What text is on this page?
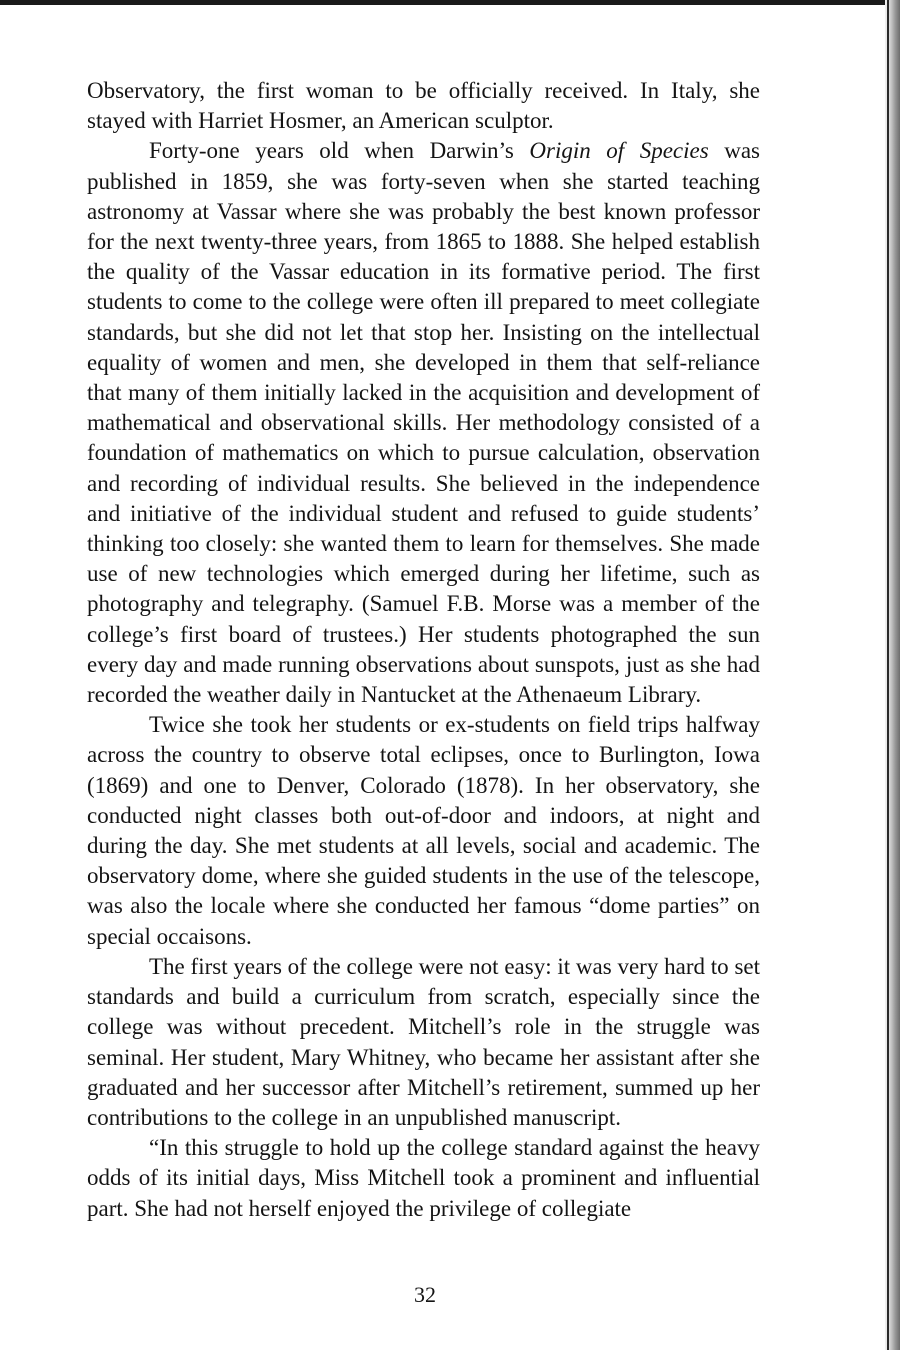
Observatory, the first woman to be officially received. In Italy, she stayed with Harriet Hosmer, an American sculptor.

Forty-one years old when Darwin’s Origin of Species was published in 1859, she was forty-seven when she started teaching astronomy at Vassar where she was probably the best known professor for the next twenty-three years, from 1865 to 1888. She helped establish the quality of the Vassar education in its formative period. The first students to come to the college were often ill prepared to meet collegiate standards, but she did not let that stop her. Insisting on the intellectual equality of women and men, she developed in them that self-reliance that many of them initially lacked in the acquisition and development of mathematical and observational skills. Her methodology consisted of a foundation of mathematics on which to pursue calculation, observation and recording of individual results. She believed in the independence and initiative of the individual student and refused to guide students’ thinking too closely: she wanted them to learn for themselves. She made use of new technologies which emerged during her lifetime, such as photography and telegraphy. (Samuel F.B. Morse was a member of the college’s first board of trustees.) Her students photographed the sun every day and made running observations about sunspots, just as she had recorded the weather daily in Nantucket at the Athenaeum Library.

Twice she took her students or ex-students on field trips halfway across the country to observe total eclipses, once to Burlington, Iowa (1869) and one to Denver, Colorado (1878). In her observatory, she conducted night classes both out-of-door and indoors, at night and during the day. She met students at all levels, social and academic. The observatory dome, where she guided students in the use of the telescope, was also the locale where she conducted her famous “dome parties” on special occaisons.

The first years of the college were not easy: it was very hard to set standards and build a curriculum from scratch, especially since the college was without precedent. Mitchell’s role in the struggle was seminal. Her student, Mary Whitney, who became her assistant after she graduated and her successor after Mitchell’s retirement, summed up her contributions to the college in an unpublished manuscript.

“In this struggle to hold up the college standard against the heavy odds of its initial days, Miss Mitchell took a prominent and influential part. She had not herself enjoyed the privilege of collegiate

32
